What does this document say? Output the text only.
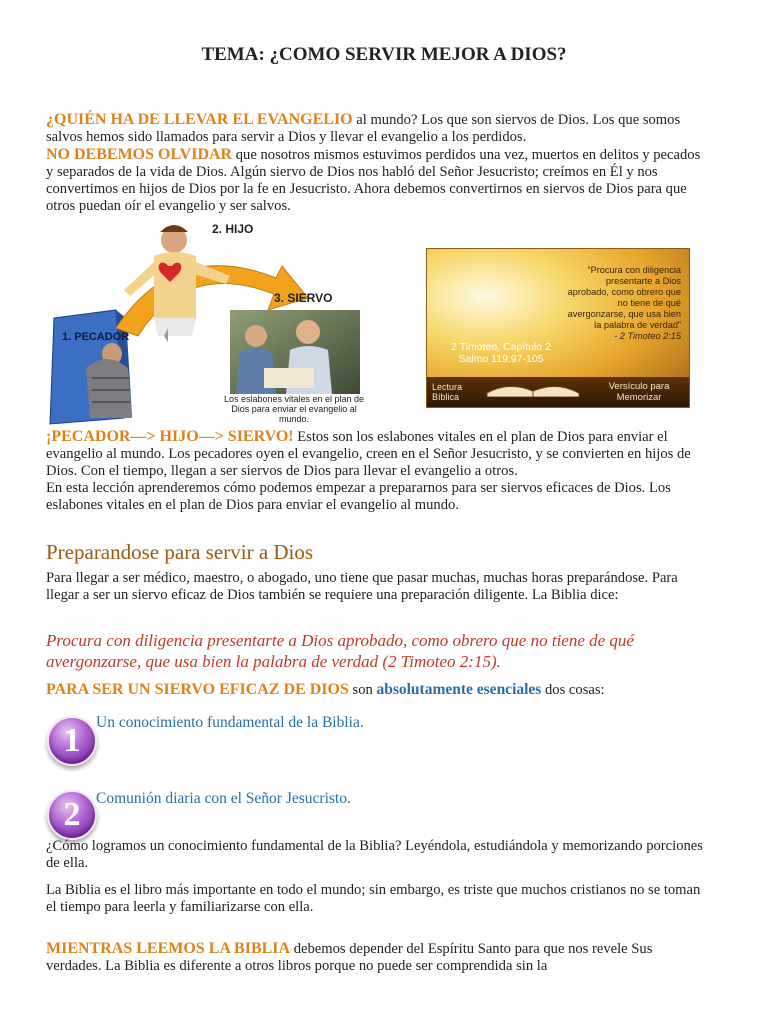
TEMA: ¿COMO SERVIR MEJOR A DIOS?
¿QUIÉN HA DE LLEVAR EL EVANGELIO al mundo? Los que son siervos de Dios. Los que somos salvos hemos sido llamados para servir a Dios y llevar el evangelio a los perdidos.
NO DEBEMOS OLVIDAR que nosotros mismos estuvimos perdidos una vez, muertos en delitos y pecados y separados de la vida de Dios. Algún siervo de Dios nos habló del Señor Jesucristo; creímos en Él y nos convertimos en hijos de Dios por la fe en Jesucristo. Ahora debemos convertirnos en siervos de Dios para que otros puedan oír el evangelio y ser salvos.
2. HIJO
3. SIERVO
1. PECADOR
Los eslabones vitales en el plan de Dios para enviar el evangelio al mundo.
“Procura con diligencia presentarte a Dios aprobado, como obrero que no tiene de qué avergonzarse, que usa bien la palabra de verdad”
- 2 Timoteo 2:15
2 Timoteo, Capítulo 2
Salmo 119:97-105
Lectura Bíblica
Versículo para Memorizar
¡PECADOR—> HIJO—> SIERVO! Estos son los eslabones vitales en el plan de Dios para enviar el evangelio al mundo. Los pecadores oyen el evangelio, creen en el Señor Jesucristo, y se convierten en hijos de Dios. Con el tiempo, llegan a ser siervos de Dios para llevar el evangelio a otros.
En esta lección aprenderemos cómo podemos empezar a prepararnos para ser siervos eficaces de Dios. Los eslabones vitales en el plan de Dios para enviar el evangelio al mundo.
Preparandose para servir a Dios
Para llegar a ser médico, maestro, o abogado, uno tiene que pasar muchas, muchas horas preparándose. Para llegar a ser un siervo eficaz de Dios también se requiere una preparación diligente. La Biblia dice:
Procura con diligencia presentarte a Dios aprobado, como obrero que no tiene de qué avergonzarse, que usa bien la palabra de verdad (2 Timoteo 2:15).
PARA SER UN SIERVO EFICAZ DE DIOS son absolutamente esenciales dos cosas:
1	Un conocimiento fundamental de la Biblia.
2	Comunión diaria con el Señor Jesucristo.
¿Cómo logramos un conocimiento fundamental de la Biblia? Leyéndola, estudiándola y memorizando porciones de ella.
La Biblia es el libro más importante en todo el mundo; sin embargo, es triste que muchos cristianos no se toman el tiempo para leerla y familiarizarse con ella.
MIENTRAS LEEMOS LA BIBLIA debemos depender del Espíritu Santo para que nos revele Sus verdades. La Biblia es diferente a otros libros porque no puede ser comprendida sin la
